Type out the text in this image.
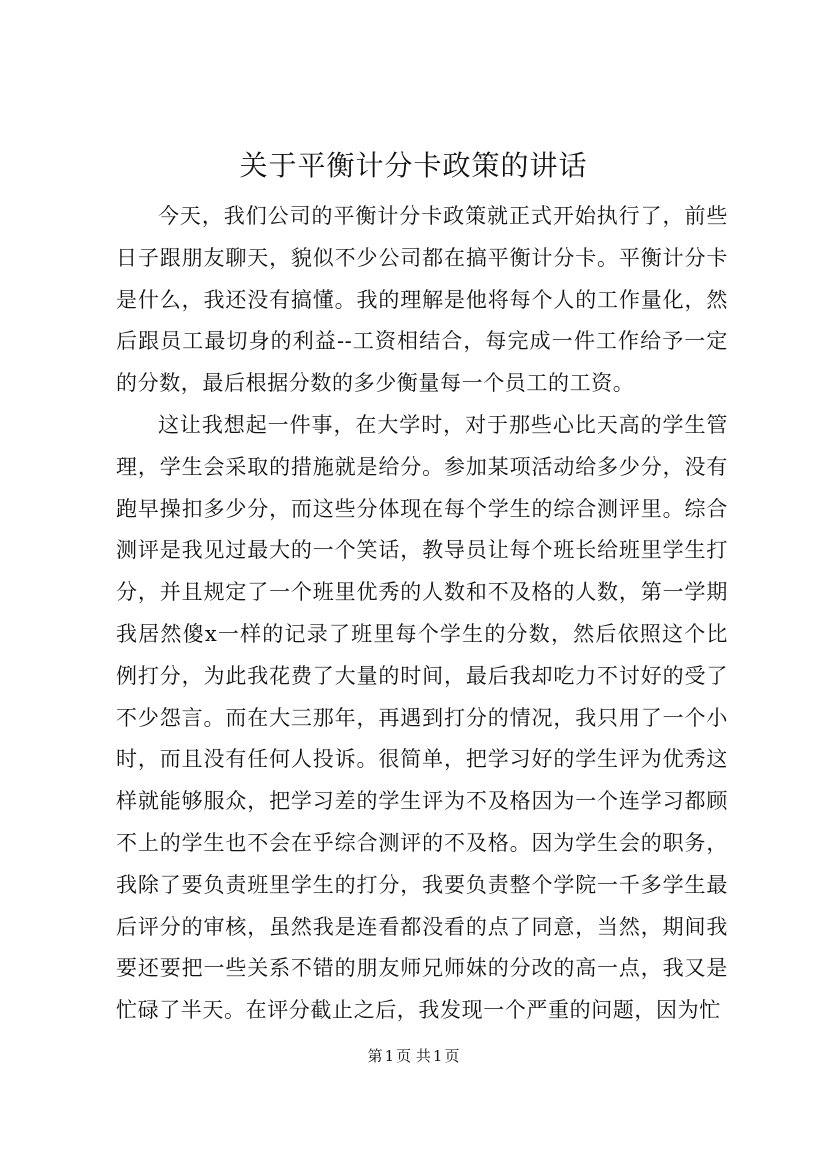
关于平衡计分卡政策的讲话

今天，我们公司的平衡计分卡政策就正式开始执行了，前些日子跟朋友聊天，貌似不少公司都在搞平衡计分卡。平衡计分卡是什么，我还没有搞懂。我的理解是他将每个人的工作量化，然后跟员工最切身的利益--工资相结合，每完成一件工作给予一定的分数，最后根据分数的多少衡量每一个员工的工资。

这让我想起一件事，在大学时，对于那些心比天高的学生管理，学生会采取的措施就是给分。参加某项活动给多少分，没有跑早操扣多少分，而这些分体现在每个学生的综合测评里。综合测评是我见过最大的一个笑话，教导员让每个班长给班里学生打分，并且规定了一个班里优秀的人数和不及格的人数，第一学期我居然傻x一样的记录了班里每个学生的分数，然后依照这个比例打分，为此我花费了大量的时间，最后我却吃力不讨好的受了不少怨言。而在大三那年，再遇到打分的情况，我只用了一个小时，而且没有任何人投诉。很简单，把学习好的学生评为优秀这样就能够服众，把学习差的学生评为不及格因为一个连学习都顾不上的学生也不会在乎综合测评的不及格。因为学生会的职务，我除了要负责班里学生的打分，我要负责整个学院一千多学生最后评分的审核，虽然我是连看都没看的点了同意，当然，期间我要还要把一些关系不错的朋友师兄师妹的分改的高一点，我又是忙碌了半天。在评分截止之后，我发现一个严重的问题，因为忙

第 1 页 共 1 页
